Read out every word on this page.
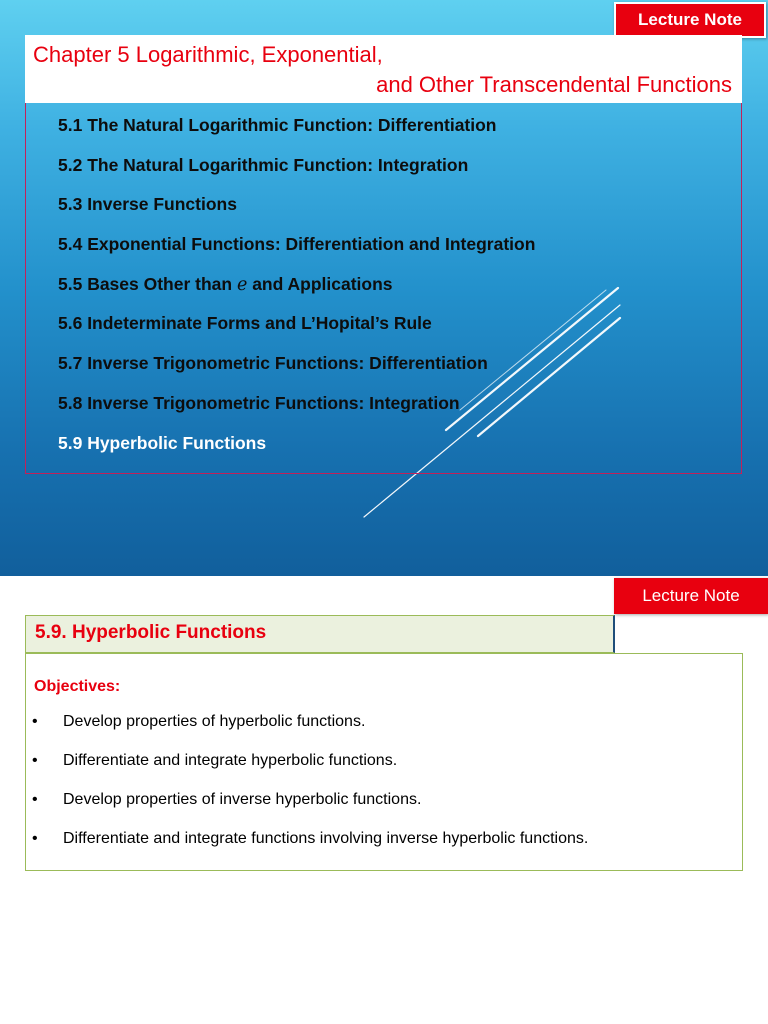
Lecture Note
Chapter 5 Logarithmic, Exponential,
and Other Transcendental Functions
5.1 The Natural Logarithmic Function: Differentiation
5.2 The Natural Logarithmic Function: Integration
5.3 Inverse Functions
5.4 Exponential Functions: Differentiation and Integration
5.5 Bases Other than e and Applications
5.6 Indeterminate Forms and L’Hopital’s Rule
5.7 Inverse Trigonometric Functions: Differentiation
5.8 Inverse Trigonometric Functions: Integration
5.9 Hyperbolic Functions
Lecture Note
5.9. Hyperbolic Functions
Objectives:
• Develop properties of hyperbolic functions.
• Differentiate and integrate hyperbolic functions.
• Develop properties of inverse hyperbolic functions.
• Differentiate and integrate functions involving inverse hyperbolic functions.
